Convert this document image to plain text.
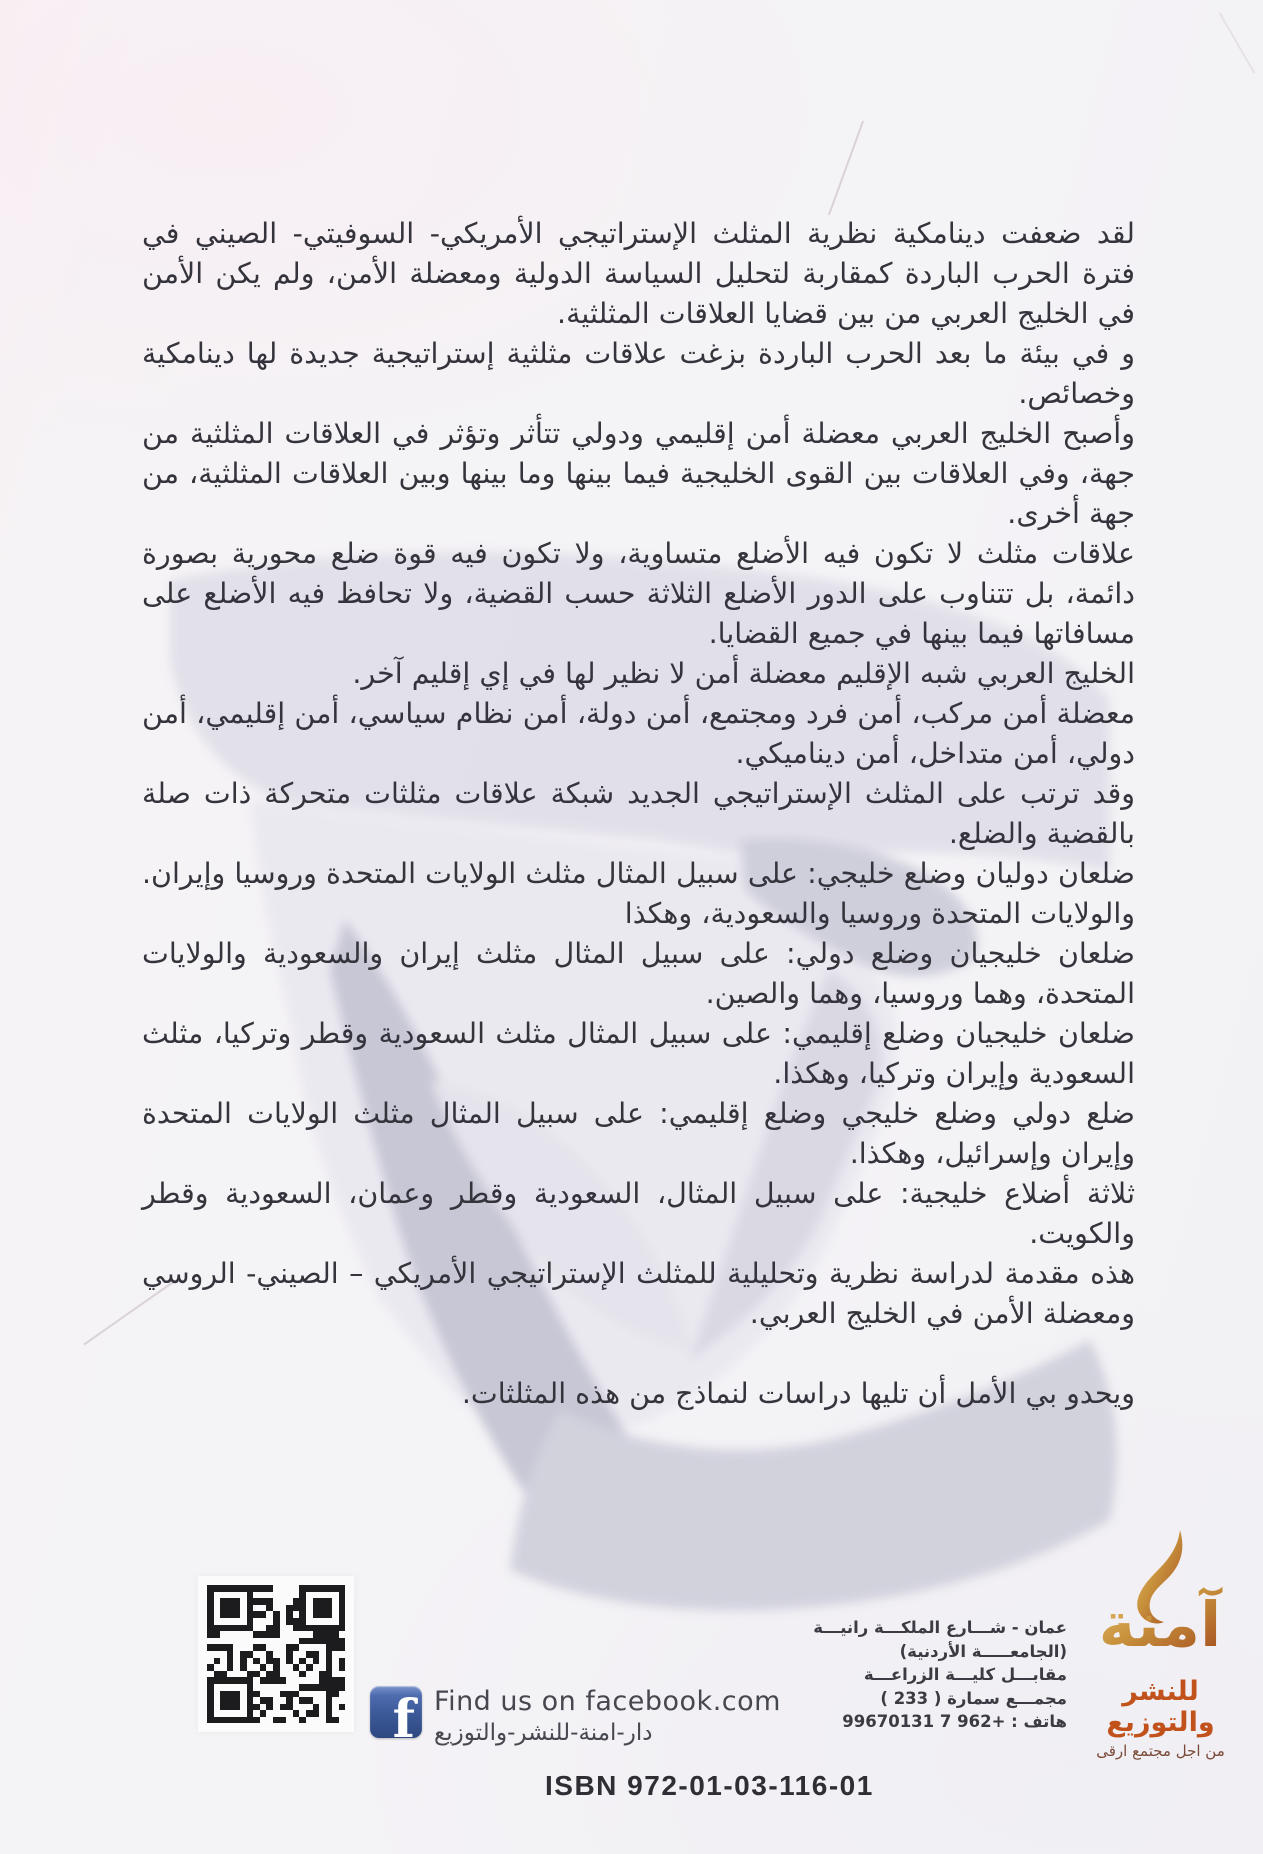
لقد ضعفت دينامكية نظرية المثلث الإستراتيجي الأمريكي- السوفيتي- الصيني في فترة الحرب الباردة كمقاربة لتحليل السياسة الدولية ومعضلة الأمن، ولم يكن الأمن في الخليج العربي من بين قضايا العلاقات المثلثية.

و في بيئة ما بعد الحرب الباردة بزغت علاقات مثلثية إستراتيجية جديدة لها دينامكية وخصائص.

وأصبح الخليج العربي معضلة أمن إقليمي ودولي تتأثر وتؤثر في العلاقات المثلثية من جهة، وفي العلاقات بين القوى الخليجية فيما بينها وما بينها وبين العلاقات المثلثية، من جهة أخرى.

علاقات مثلث لا تكون فيه الأضلع متساوية، ولا تكون فيه قوة ضلع محورية بصورة دائمة، بل تتناوب على الدور الأضلع الثلاثة حسب القضية، ولا تحافظ فيه الأضلع على مسافاتها فيما بينها في جميع القضايا.

الخليج العربي شبه الإقليم معضلة أمن لا نظير لها في إي إقليم آخر.

معضلة أمن مركب، أمن فرد ومجتمع، أمن دولة، أمن نظام سياسي، أمن إقليمي، أمن دولي، أمن متداخل، أمن ديناميكي.

وقد ترتب على المثلث الإستراتيجي الجديد شبكة علاقات مثلثات متحركة ذات صلة بالقضية والضلع.

ضلعان دوليان وضلع خليجي: على سبيل المثال مثلث الولايات المتحدة وروسيا وإيران. والولايات المتحدة وروسيا والسعودية، وهكذا

ضلعان خليجيان وضلع دولي: على سبيل المثال مثلث إيران والسعودية والولايات المتحدة، وهما وروسيا، وهما والصين.

ضلعان خليجيان وضلع إقليمي: على سبيل المثال مثلث السعودية وقطر وتركيا، مثلث السعودية وإيران وتركيا، وهكذا.

ضلع دولي وضلع خليجي وضلع إقليمي: على سبيل المثال مثلث الولايات المتحدة وإيران وإسرائيل، وهكذا.

ثلاثة أضلاع خليجية: على سبيل المثال، السعودية وقطر وعمان، السعودية وقطر والكويت.

هذه مقدمة لدراسة نظرية وتحليلية للمثلث الإستراتيجي الأمريكي – الصيني- الروسي ومعضلة الأمن في الخليج العربي.

ويحدو بي الأمل أن تليها دراسات لنماذج من هذه المثلثات.

f Find us on facebook.com
دار-امنة-للنشر-والتوزيع
عمان - شـــارع الملكـــة رانيـــة
(الجامعـــــة الأردنية)
مقابـــل كليـــة الزراعـــة
مجمـــع سمارة ( 233 )
هاتف : +962 7 99670131
آمنة
للنشر والتوزيع
من اجل مجتمع ارقى
ISBN 972-01-03-116-01
